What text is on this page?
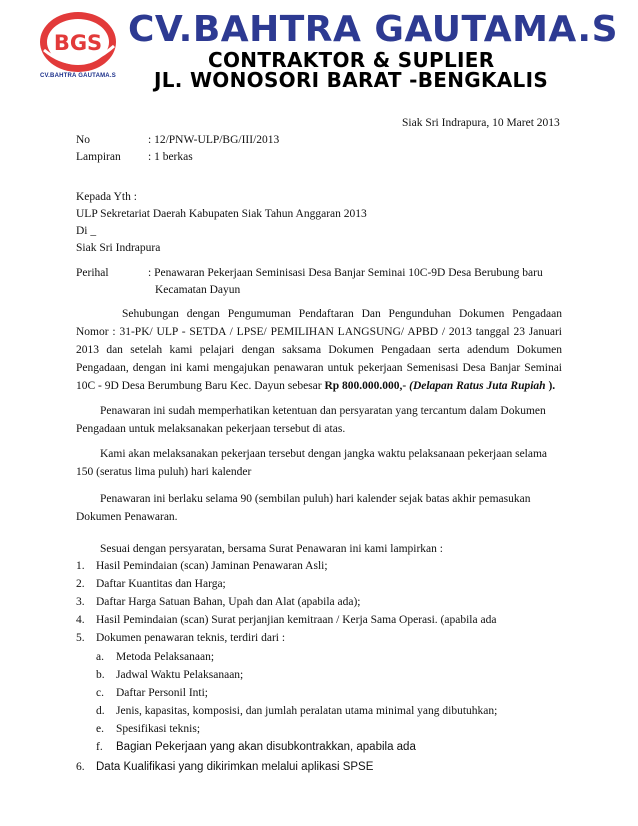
BGS
CV.BAHTRA GAUTAMA.S
CV.BAHTRA GAUTAMA.S
CONTRAKTOR & SUPLIER
JL. WONOSORI BARAT -BENGKALIS
Siak Sri Indrapura, 10 Maret 2013
No	: 12/PNW-ULP/BG/III/2013
Lampiran : 1 berkas
Kepada Yth :
ULP Sekretariat Daerah Kabupaten Siak Tahun Anggaran 2013
Di _
Siak Sri Indrapura
Perihal	: Penawaran Pekerjaan Seminisasi Desa Banjar Seminai 10C-9D Desa Berubung baru
Kecamatan Dayun
Sehubungan dengan Pengumuman Pendaftaran Dan Pengunduhan Dokumen Pengadaan
Nomor : 31-PK/ ULP - SETDA / LPSE/ PEMILIHAN LANGSUNG/ APBD / 2013 tanggal 23 Januari
2013 dan setelah kami pelajari dengan saksama Dokumen Pengadaan serta adendum Dokumen
Pengadaan, dengan ini kami mengajukan penawaran untuk pekerjaan Semenisasi Desa Banjar Seminai
10C - 9D Desa Berumbung Baru Kec. Dayun sebesar Rp 800.000.000,- (Delapan Ratus Juta Rupiah ).
Penawaran ini sudah memperhatikan ketentuan dan persyaratan yang tercantum dalam Dokumen
Pengadaan untuk melaksanakan pekerjaan tersebut di atas.
Kami akan melaksanakan pekerjaan tersebut dengan jangka waktu pelaksanaan pekerjaan selama
150 (seratus lima puluh) hari kalender
Penawaran ini berlaku selama 90 (sembilan puluh) hari kalender sejak batas akhir pemasukan
Dokumen Penawaran.
Sesuai dengan persyaratan, bersama Surat Penawaran ini kami lampirkan :
1. Hasil Pemindaian (scan) Jaminan Penawaran Asli;
2. Daftar Kuantitas dan Harga;
3. Daftar Harga Satuan Bahan, Upah dan Alat (apabila ada);
4. Hasil Pemindaian (scan) Surat perjanjian kemitraan / Kerja Sama Operasi. (apabila ada
5. Dokumen penawaran teknis, terdiri dari :
a. Metoda Pelaksanaan;
b. Jadwal Waktu Pelaksanaan;
c. Daftar Personil Inti;
d. Jenis, kapasitas, komposisi, dan jumlah peralatan utama minimal yang dibutuhkan;
e. Spesifikasi teknis;
f. Bagian Pekerjaan yang akan disubkontrakkan, apabila ada
6. Data Kualifikasi yang dikirimkan melalui aplikasi SPSE
